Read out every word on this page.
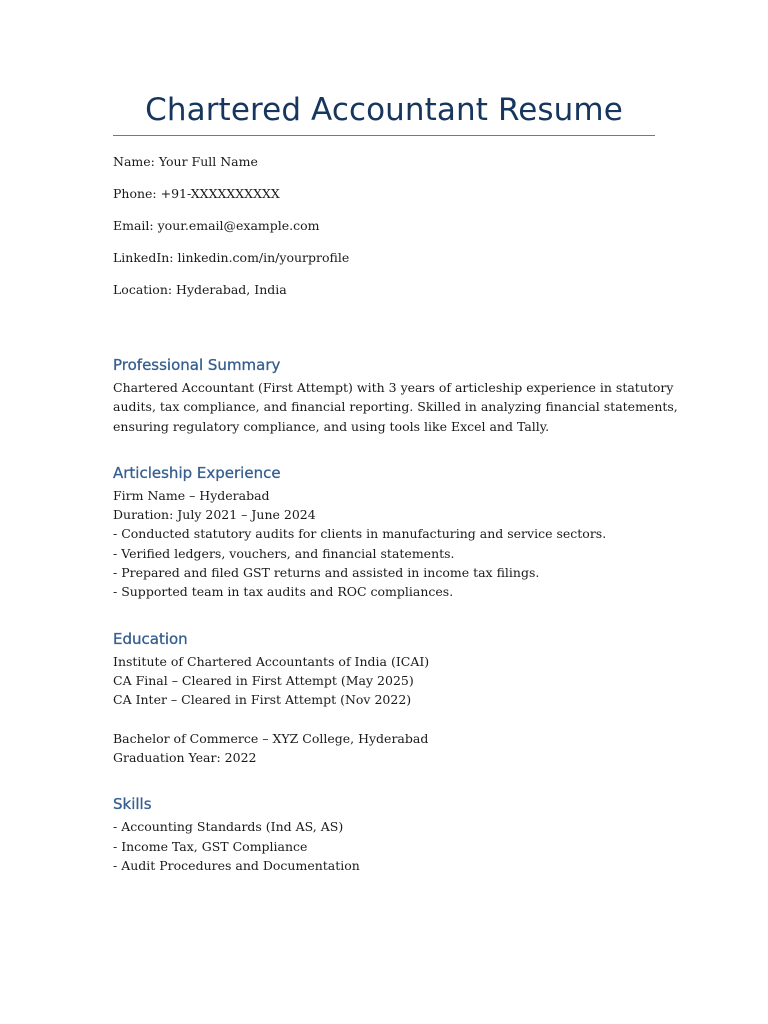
Chartered Accountant Resume

Name: Your Full Name

Phone: +91-XXXXXXXXXX

Email: your.email@example.com

LinkedIn: linkedin.com/in/yourprofile

Location: Hyderabad, India

Professional Summary

Chartered Accountant (First Attempt) with 3 years of articleship experience in statutory

audits, tax compliance, and financial reporting. Skilled in analyzing financial statements,

ensuring regulatory compliance, and using tools like Excel and Tally.

Articleship Experience

Firm Name – Hyderabad

Duration: July 2021 – June 2024

- Conducted statutory audits for clients in manufacturing and service sectors.

- Verified ledgers, vouchers, and financial statements.

- Prepared and filed GST returns and assisted in income tax filings.

- Supported team in tax audits and ROC compliances.

Education

Institute of Chartered Accountants of India (ICAI)

CA Final – Cleared in First Attempt (May 2025)

CA Inter – Cleared in First Attempt (Nov 2022)

Bachelor of Commerce – XYZ College, Hyderabad

Graduation Year: 2022

Skills

- Accounting Standards (Ind AS, AS)

- Income Tax, GST Compliance

- Audit Procedures and Documentation
